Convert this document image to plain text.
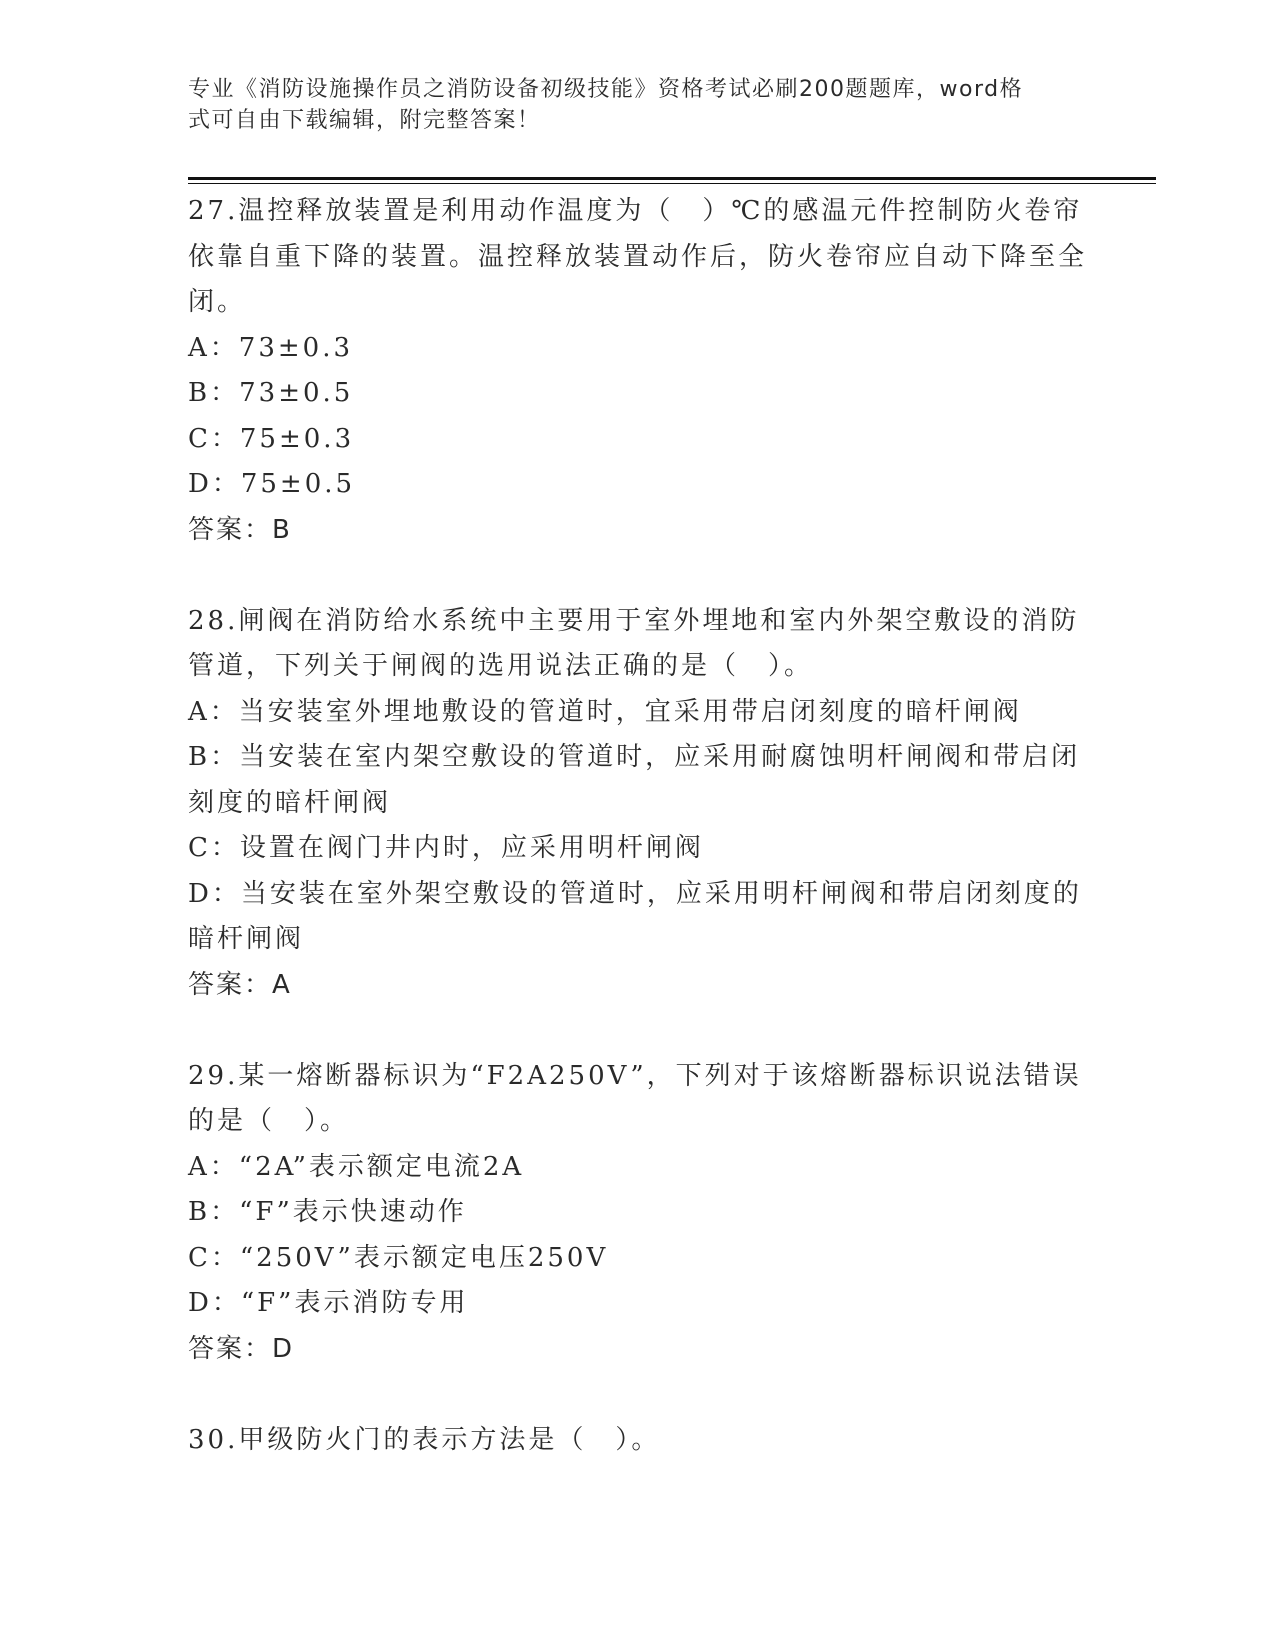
专业《消防设施操作员之消防设备初级技能》资格考试必刷200题题库，word格
式可自由下载编辑，附完整答案！

27.温控释放装置是利用动作温度为（　）℃的感温元件控制防火卷帘依靠自重下降的装置。温控释放装置动作后，防火卷帘应自动下降至全闭。

A：73±0.3

B：73±0.5

C：75±0.3

D：75±0.5

答案：B

28.闸阀在消防给水系统中主要用于室外埋地和室内外架空敷设的消防管道，下列关于闸阀的选用说法正确的是（　）。

A：当安装室外埋地敷设的管道时，宜采用带启闭刻度的暗杆闸阀

B：当安装在室内架空敷设的管道时，应采用耐腐蚀明杆闸阀和带启闭刻度的暗杆闸阀

C：设置在阀门井内时，应采用明杆闸阀

D：当安装在室外架空敷设的管道时，应采用明杆闸阀和带启闭刻度的暗杆闸阀

答案：A

29.某一熔断器标识为“F2A250V”，下列对于该熔断器标识说法错误的是（　）。

A：“2A”表示额定电流2A

B：“F”表示快速动作

C：“250V”表示额定电压250V

D：“F”表示消防专用

答案：D

30.甲级防火门的表示方法是（　）。
